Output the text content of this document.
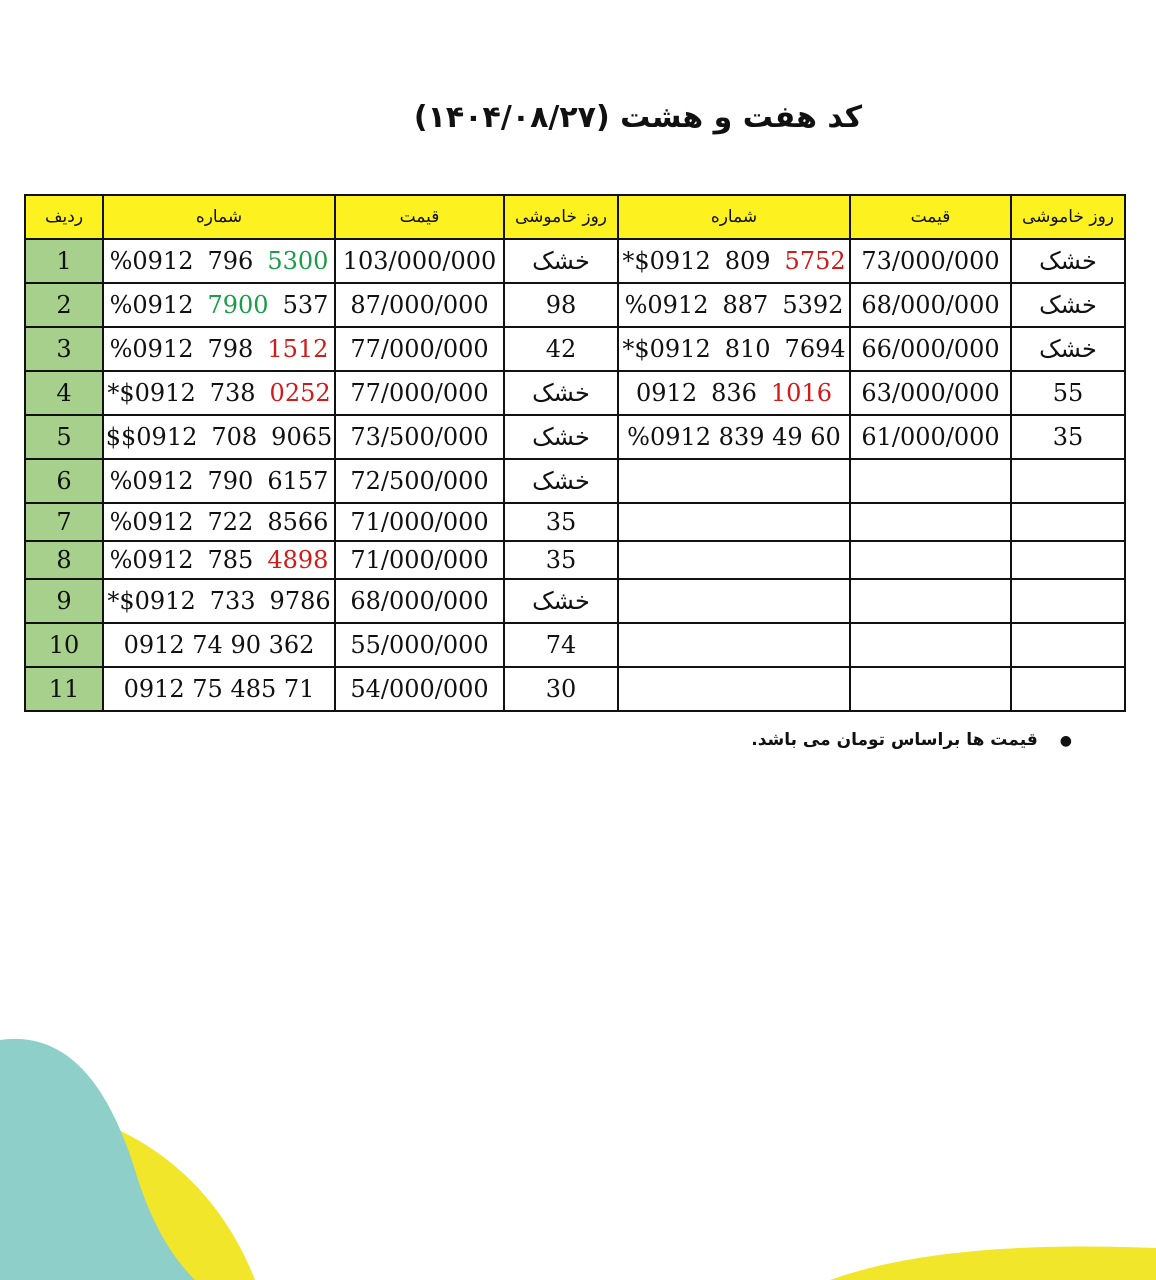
کد هفت و هشت (۱۴۰۴/۰۸/۲۷)
ردیف	شماره	قیمت	روز خاموشی	شماره	قیمت	روز خاموشی
1	%0912 796 5300	103/000/000	خشک	*$0912 809 5752	73/000/000	خشک
2	%0912 7900 537	87/000/000	98	%0912 887 5392	68/000/000	خشک
3	%0912 798 1512	77/000/000	42	*$0912 810 7694	66/000/000	خشک
4	*$0912 738 0252	77/000/000	خشک	0912 836 1016	63/000/000	55
5	$$0912 708 9065	73/500/000	خشک	%0912 839 49 60	61/000/000	35
6	%0912 790 6157	72/500/000	خشک			
7	%0912 722 8566	71/000/000	35			
8	%0912 785 4898	71/000/000	35			
9	*$0912 733 9786	68/000/000	خشک			
10	0912 74 90 362	55/000/000	74			
11	0912 75 485 71	54/000/000	30			
●قیمت ها براساس تومان می باشد.
